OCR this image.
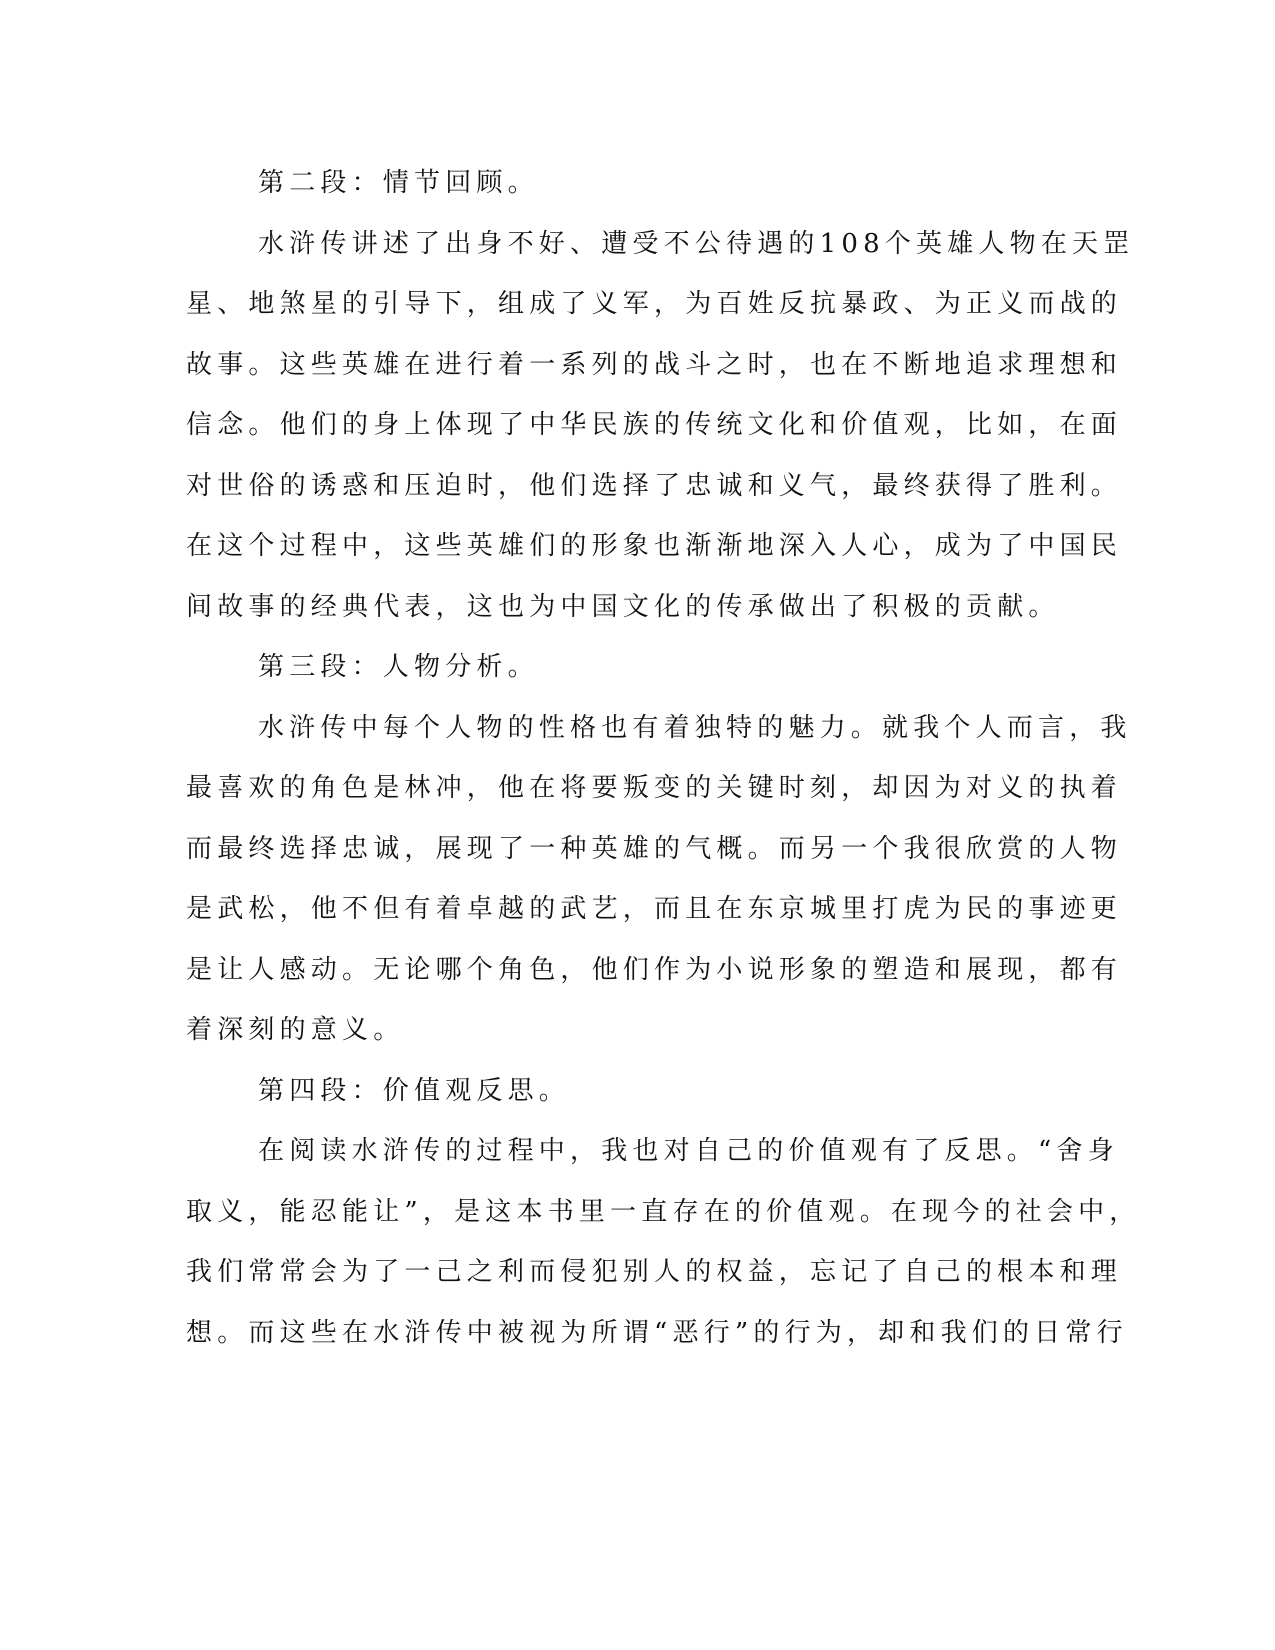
第二段：情节回顾。

水浒传讲述了出身不好、遭受不公待遇的108个英雄人物在天罡
星、地煞星的引导下，组成了义军，为百姓反抗暴政、为正义而战的
故事。这些英雄在进行着一系列的战斗之时，也在不断地追求理想和
信念。他们的身上体现了中华民族的传统文化和价值观，比如，在面
对世俗的诱惑和压迫时，他们选择了忠诚和义气，最终获得了胜利。
在这个过程中，这些英雄们的形象也渐渐地深入人心，成为了中国民
间故事的经典代表，这也为中国文化的传承做出了积极的贡献。

第三段：人物分析。

水浒传中每个人物的性格也有着独特的魅力。就我个人而言，我
最喜欢的角色是林冲，他在将要叛变的关键时刻，却因为对义的执着
而最终选择忠诚，展现了一种英雄的气概。而另一个我很欣赏的人物
是武松，他不但有着卓越的武艺，而且在东京城里打虎为民的事迹更
是让人感动。无论哪个角色，他们作为小说形象的塑造和展现，都有
着深刻的意义。

第四段：价值观反思。

在阅读水浒传的过程中，我也对自己的价值观有了反思。“舍身
取义，能忍能让”，是这本书里一直存在的价值观。在现今的社会中，
我们常常会为了一己之利而侵犯别人的权益，忘记了自己的根本和理
想。而这些在水浒传中被视为所谓“恶行”的行为，却和我们的日常行
